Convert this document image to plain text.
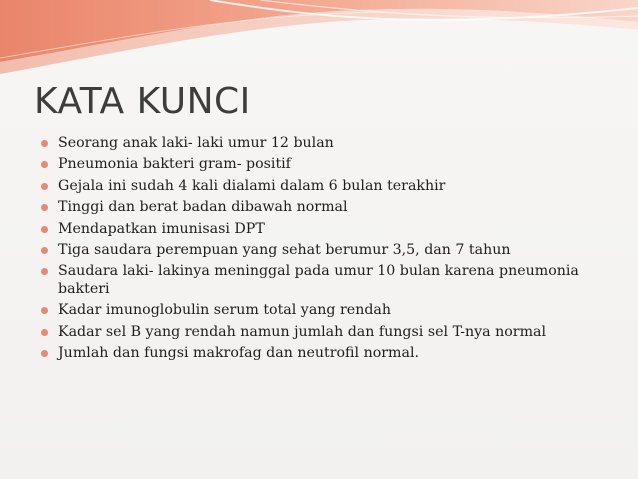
KATA KUNCI
Seorang anak laki- laki umur 12 bulan
Pneumonia bakteri gram- positif
Gejala ini sudah 4 kali dialami dalam 6 bulan terakhir
Tinggi dan berat badan dibawah normal
Mendapatkan imunisasi DPT
Tiga saudara perempuan yang sehat berumur 3,5, dan 7 tahun
Saudara laki- lakinya meninggal pada umur 10 bulan karena pneumonia bakteri
Kadar imunoglobulin serum total yang rendah
Kadar sel B yang rendah namun jumlah dan fungsi sel T-nya normal
Jumlah dan fungsi makrofag dan neutrofil normal.
